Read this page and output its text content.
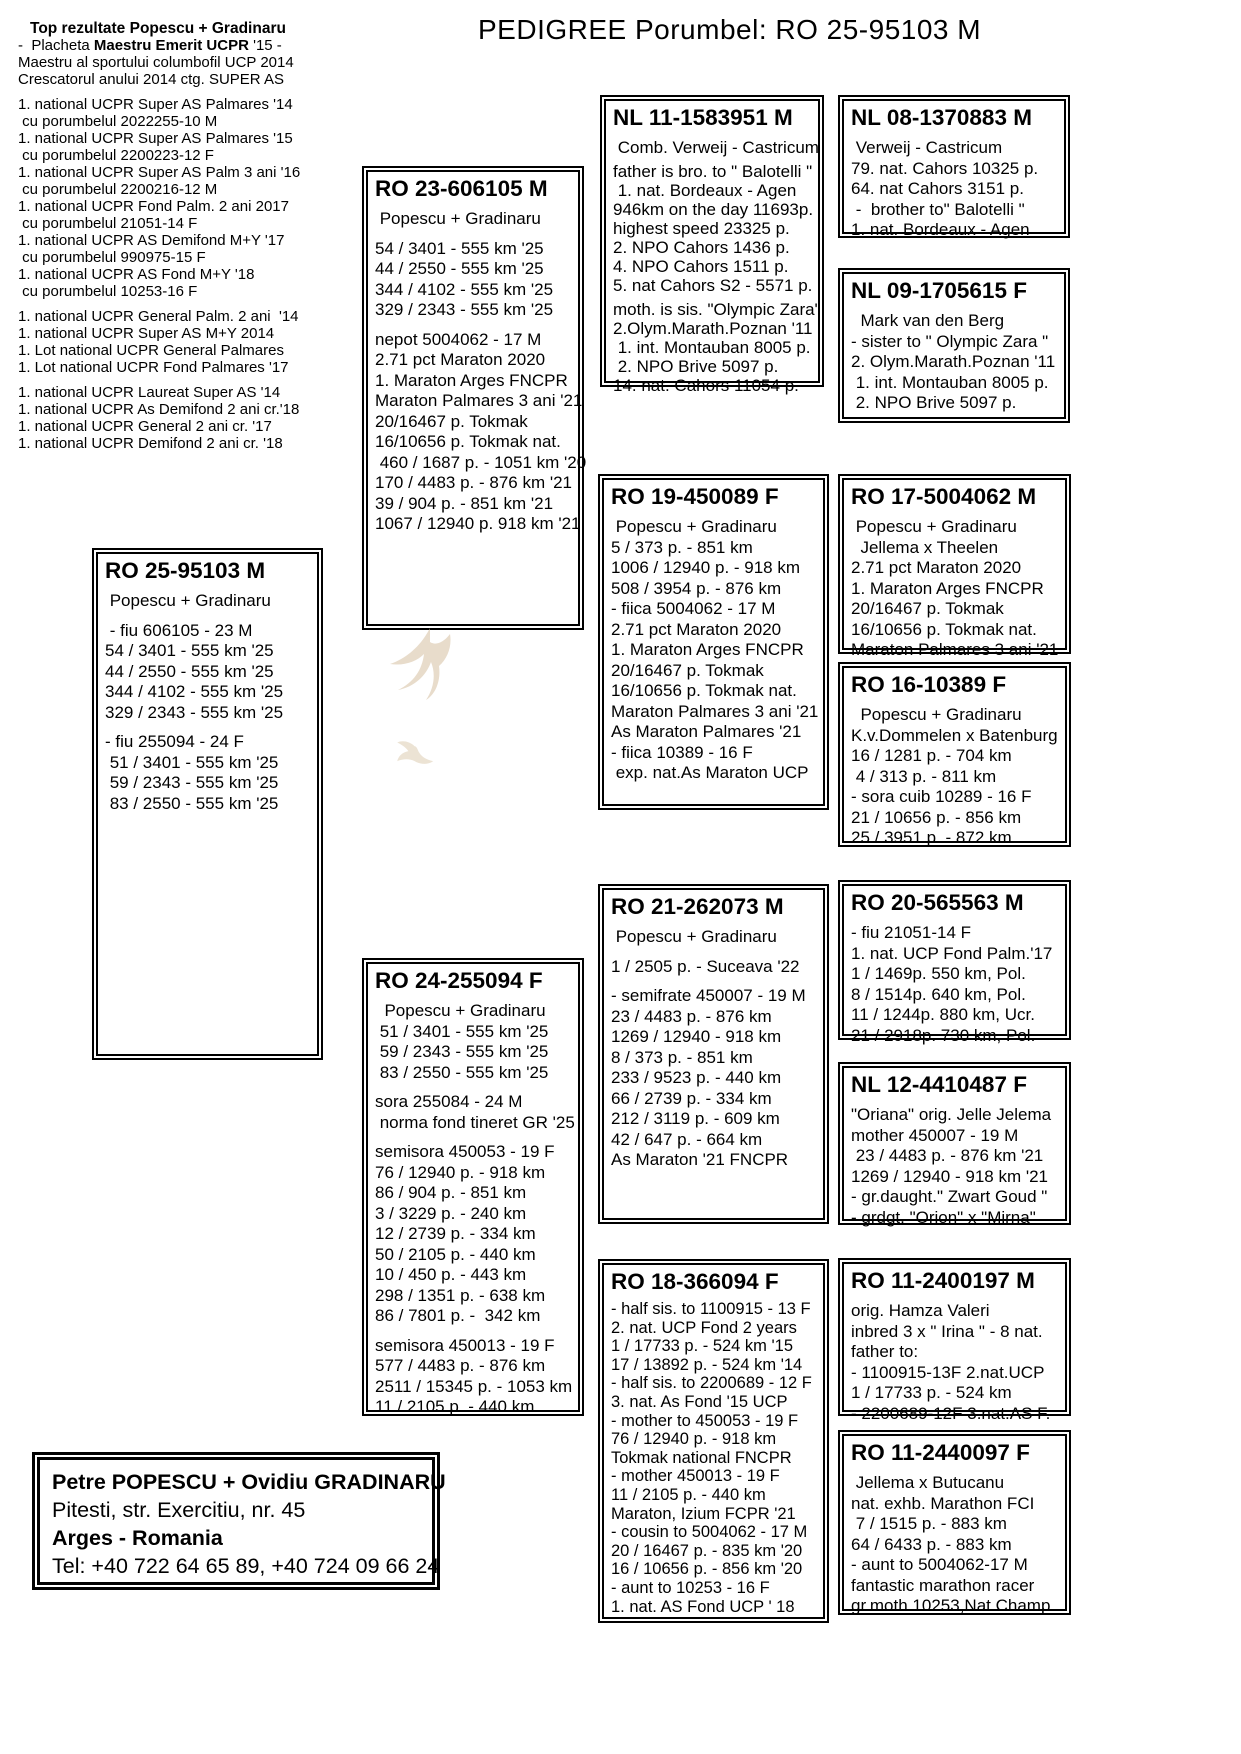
PEDIGREE Porumbel: RO 25-95103 M
Top rezultate Popescu + Gradinaru
-  Placheta Maestru Emerit UCPR '15 -
Maestru al sportului columbofil UCP 2014
Crescatorul anului 2014 ctg. SUPER AS
1. national UCPR Super AS Palmares '14
cu porumbelul 2022255-10 M
1. national UCPR Super AS Palmares '15
cu porumbelul 2200223-12 F
1. national UCPR Super AS Palm 3 ani '16
cu porumbelul 2200216-12 M
1. national UCPR Fond Palm. 2 ani 2017
cu porumbelul 21051-14 F
1. national UCPR AS Demifond M+Y '17
cu porumbelul 990975-15 F
1. national UCPR AS Fond M+Y '18
cu porumbelul 10253-16 F
1. national UCPR General Palm. 2 ani  '14
1. national UCPR Super AS M+Y 2014
1. Lot national UCPR General Palmares
1. Lot national UCPR Fond Palmares '17
1. national UCPR Laureat Super AS '14
1. national UCPR As Demifond 2 ani cr.'18
1. national UCPR General 2 ani cr. '17
1. national UCPR Demifond 2 ani cr. '18
RO 23-606105 M
Popescu + Gradinaru
54 / 3401 - 555 km '25
44 / 2550 - 555 km '25
344 / 4102 - 555 km '25
329 / 2343 - 555 km '25
nepot 5004062 - 17 M
2.71 pct Maraton 2020
1. Maraton Arges FNCPR
Maraton Palmares 3 ani '21
20/16467 p. Tokmak
16/10656 p. Tokmak nat.
460 / 1687 p. - 1051 km '20
170 / 4483 p. - 876 km '21
39 / 904 p. - 851 km '21
1067 / 12940 p. 918 km '21
NL 11-1583951 M
Comb. Verweij - Castricum
father is bro. to " Balotelli "
1. nat. Bordeaux - Agen
946km on the day 11693p.
highest speed 23325 p.
2. NPO Cahors 1436 p.
4. NPO Cahors 1511 p.
5. nat Cahors S2 - 5571 p.
moth. is sis. "Olympic Zara"
2.Olym.Marath.Poznan '11
1. int. Montauban 8005 p.
2. NPO Brive 5097 p.
14. nat. Cahors 11054 p.
NL 08-1370883 M
Verweij - Castricum
79. nat. Cahors 10325 p.
64. nat Cahors 3151 p.
-  brother to" Balotelli "
1. nat. Bordeaux - Agen
NL 09-1705615 F
Mark van den Berg
- sister to " Olympic Zara "
2. Olym.Marath.Poznan '11
1. int. Montauban 8005 p.
2. NPO Brive 5097 p.
RO 19-450089 F
Popescu + Gradinaru
5 / 373 p. - 851 km
1006 / 12940 p. - 918 km
508 / 3954 p. - 876 km
- fiica 5004062 - 17 M
2.71 pct Maraton 2020
1. Maraton Arges FNCPR
20/16467 p. Tokmak
16/10656 p. Tokmak nat.
Maraton Palmares 3 ani '21
As Maraton Palmares '21
- fiica 10389 - 16 F
exp. nat.As Maraton UCP
RO 17-5004062 M
Popescu + Gradinaru
Jellema x Theelen
2.71 pct Maraton 2020
1. Maraton Arges FNCPR
20/16467 p. Tokmak
16/10656 p. Tokmak nat.
Maraton Palmares 3 ani '21
RO 16-10389 F
Popescu + Gradinaru
K.v.Dommelen x Batenburg
16 / 1281 p. - 704 km
4 / 313 p. - 811 km
- sora cuib 10289 - 16 F
21 / 10656 p. - 856 km
25 / 3951 p. - 872 km
RO 25-95103 M
Popescu + Gradinaru
- fiu 606105 - 23 M
54 / 3401 - 555 km '25
44 / 2550 - 555 km '25
344 / 4102 - 555 km '25
329 / 2343 - 555 km '25
- fiu 255094 - 24 F
51 / 3401 - 555 km '25
59 / 2343 - 555 km '25
83 / 2550 - 555 km '25
RO 21-262073 M
Popescu + Gradinaru
1 / 2505 p. - Suceava '22
- semifrate 450007 - 19 M
23 / 4483 p. - 876 km
1269 / 12940 - 918 km
8 / 373 p. - 851 km
233 / 9523 p. - 440 km
66 / 2739 p. - 334 km
212 / 3119 p. - 609 km
42 / 647 p. - 664 km
As Maraton '21 FNCPR
RO 20-565563 M
- fiu 21051-14 F
1. nat. UCP Fond Palm.'17
1 / 1469p. 550 km, Pol.
8 / 1514p. 640 km, Pol.
11 / 1244p. 880 km, Ucr.
21 / 2918p. 730 km, Pol.
NL 12-4410487 F
"Oriana" orig. Jelle Jelema
mother 450007 - 19 M
23 / 4483 p. - 876 km '21
1269 / 12940 - 918 km '21
- gr.daught." Zwart Goud "
- grdgt. "Orion" x "Mirna"
RO 24-255094 F
Popescu + Gradinaru
51 / 3401 - 555 km '25
59 / 2343 - 555 km '25
83 / 2550 - 555 km '25
sora 255084 - 24 M
norma fond tineret GR '25
semisora 450053 - 19 F
76 / 12940 p. - 918 km
86 / 904 p. - 851 km
3 / 3229 p. - 240 km
12 / 2739 p. - 334 km
50 / 2105 p. - 440 km
10 / 450 p. - 443 km
298 / 1351 p. - 638 km
86 / 7801 p. -  342 km
semisora 450013 - 19 F
577 / 4483 p. - 876 km
2511 / 15345 p. - 1053 km
11 / 2105 p. - 440 km
RO 18-366094 F
- half sis. to 1100915 - 13 F
2. nat. UCP Fond 2 years
1 / 17733 p. - 524 km '15
17 / 13892 p. - 524 km '14
- half sis. to 2200689 - 12 F
3. nat. As Fond '15 UCP
- mother to 450053 - 19 F
76 / 12940 p. - 918 km
Tokmak national FNCPR
- mother 450013 - 19 F
11 / 2105 p. - 440 km
Maraton, Izium FCPR '21
- cousin to 5004062 - 17 M
20 / 16467 p. - 835 km '20
16 / 10656 p. - 856 km '20
- aunt to 10253 - 16 F
1. nat. AS Fond UCP ' 18
RO 11-2400197 M
orig. Hamza Valeri
inbred 3 x " Irina " - 8 nat.
father to:
- 1100915-13F 2.nat.UCP
1 / 17733 p. - 524 km
- 2200689-12F 3.nat.AS F.
RO 11-2440097 F
Jellema x Butucanu
nat. exhb. Marathon FCI
7 / 1515 p. - 883 km
64 / 6433 p. - 883 km
- aunt to 5004062-17 M
fantastic marathon racer
gr.moth.10253,Nat.Champ.
Petre POPESCU + Ovidiu GRADINARU
Pitesti, str. Exercitiu, nr. 45
Arges - Romania
Tel: +40 722 64 65 89, +40 724 09 66 24
